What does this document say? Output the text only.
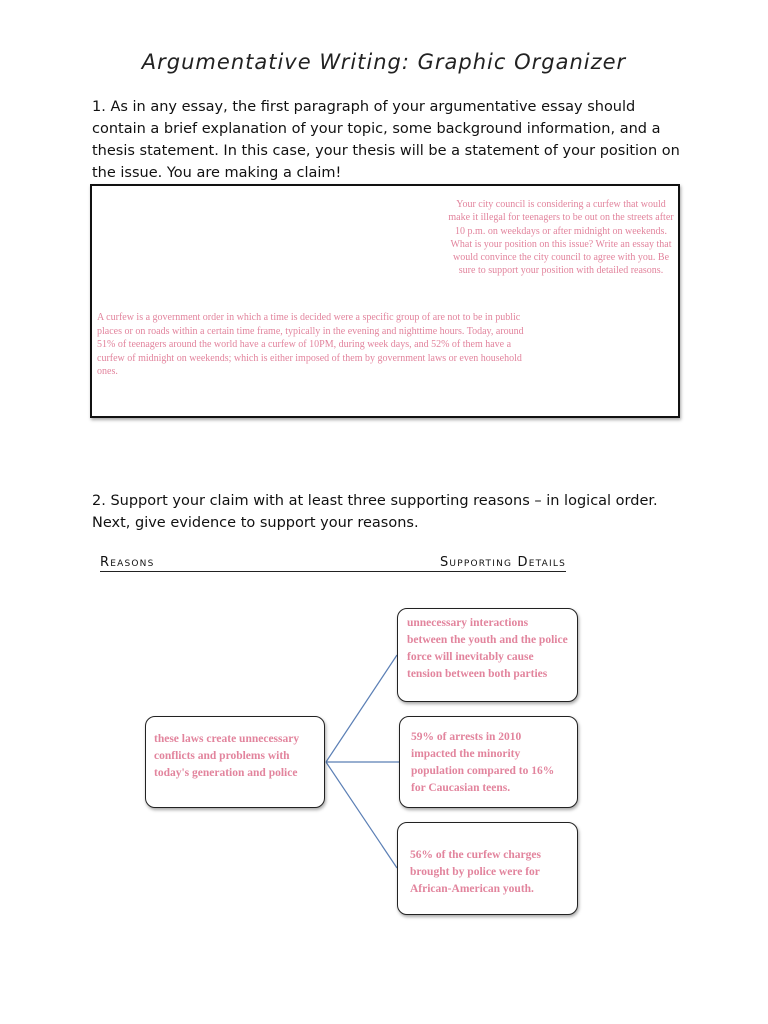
Argumentative Writing: Graphic Organizer
1. As in any essay, the first paragraph of your argumentative essay should contain a brief explanation of your topic, some background information, and a thesis statement. In this case, your thesis will be a statement of your position on the issue. You are making a claim!
Your city council is considering a curfew that would make it illegal for teenagers to be out on the streets after 10 p.m. on weekdays or after midnight on weekends. What is your position on this issue? Write an essay that would convince the city council to agree with you. Be sure to support your position with detailed reasons.
A curfew is a government order in which a time is decided were a specific group of are not to be in public places or on roads within a certain time frame, typically in the evening and nighttime hours. Today, around 51% of teenagers around the world have a curfew of 10PM, during week days, and 52% of them have a curfew of midnight on weekends; which is either imposed of them by government laws or even household ones.
2. Support your claim with at least three supporting reasons – in logical order. Next, give evidence to support your reasons.
Reasons	Supporting Details
these laws create unnecessary conflicts and problems with today's generation and police
unnecessary interactions between the youth and the police force will inevitably cause tension between both parties
59% of arrests in 2010 impacted the minority population compared to 16% for Caucasian teens.
56% of the curfew charges brought by police were for African-American youth.
